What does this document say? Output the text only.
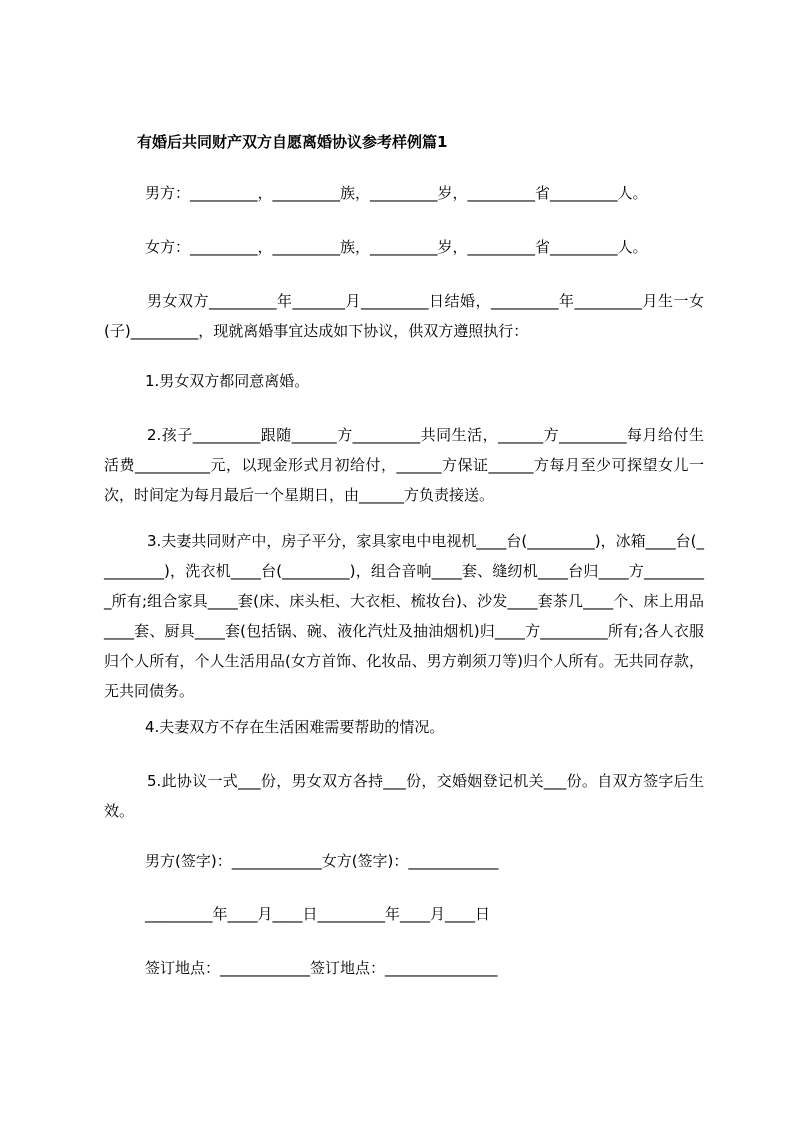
有婚后共同财产双方自愿离婚协议参考样例篇1
男方：_________，_________族，_________岁，_________省_________人。
女方：_________，_________族，_________岁，_________省_________人。
男女双方_________年_______月_________日结婚，_________年_________月生一女(子)_________，现就离婚事宜达成如下协议，供双方遵照执行：
1.男女双方都同意离婚。
2.孩子_________跟随______方_________共同生活，______方_________每月给付生活费__________元，以现金形式月初给付，______方保证______方每月至少可探望女儿一次，时间定为每月最后一个星期日，由______方负责接送。
3.夫妻共同财产中，房子平分，家具家电中电视机____台(_________)，冰箱____台(_________)，洗衣机____台(_________)，组合音响____套、缝纫机____台归____方_________所有;组合家具____套(床、床头柜、大衣柜、梳妆台)、沙发____套茶几____个、床上用品____套、厨具____套(包括锅、碗、液化汽灶及抽油烟机)归____方_________所有;各人衣服归个人所有，个人生活用品(女方首饰、化妆品、男方剃须刀等)归个人所有。无共同存款，无共同债务。
4.夫妻双方不存在生活困难需要帮助的情况。
5.此协议一式___份，男女双方各持___份，交婚姻登记机关___份。自双方签字后生效。
男方(签字)：____________女方(签字)：____________
_________年____月____日_________年____月____日
签订地点：____________签订地点：_______________
